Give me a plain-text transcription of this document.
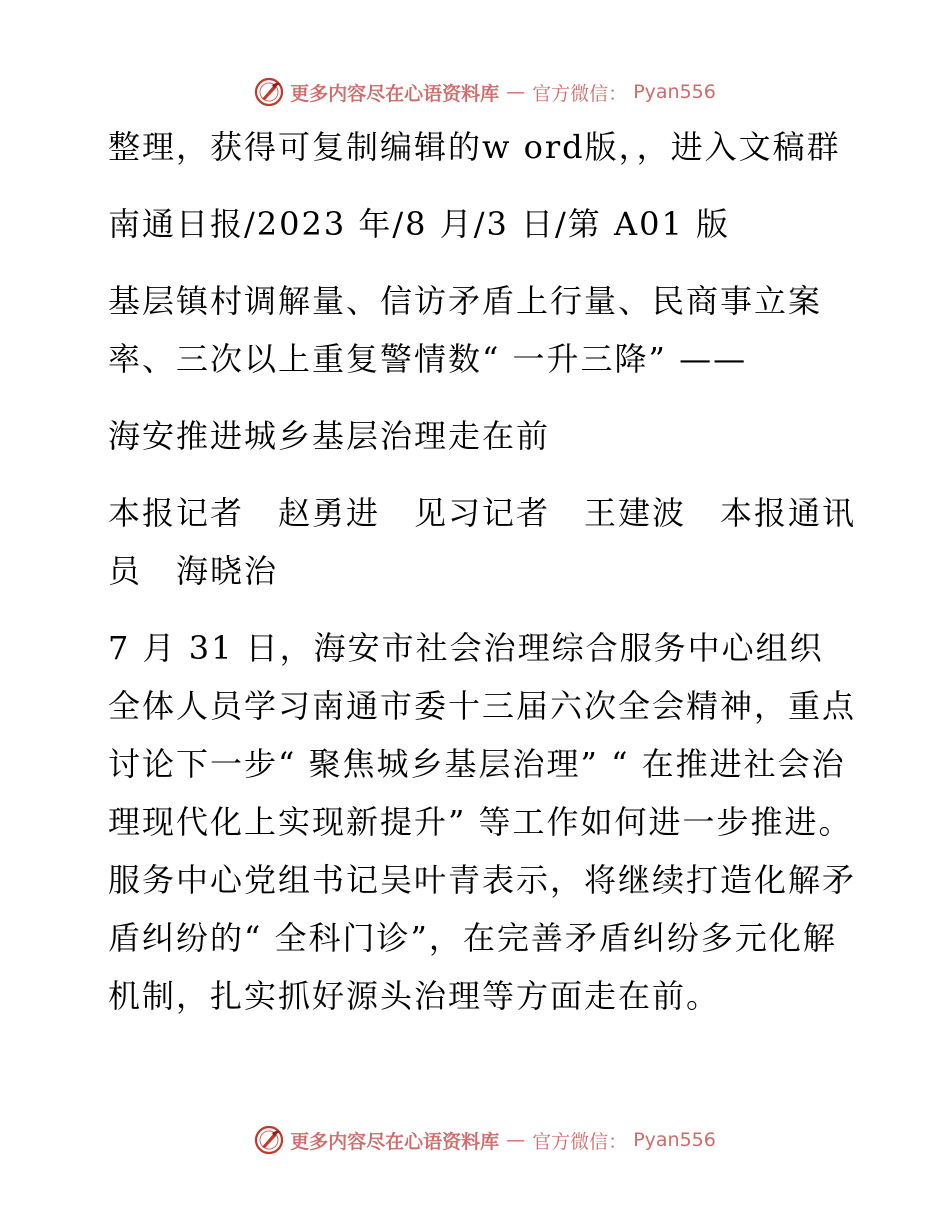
更多内容尽在心语资料库 — 官方微信： Pyan556

整理，获得可复制编辑的w ord版，，进入文稿群

南通日报/2023 年/8 月/3 日/第 A01 版

基层镇村调解量、信访矛盾上行量、民商事立案率、三次以上重复警情数“ 一升三降” ——

海安推进城乡基层治理走在前

本报记者　赵勇进　见习记者　王建波　本报通讯员　海晓治

7 月 31 日，海安市社会治理综合服务中心组织全体人员学习南通市委十三届六次全会精神，重点讨论下一步“ 聚焦城乡基层治理” “ 在推进社会治理现代化上实现新提升” 等工作如何进一步推进。服务中心党组书记吴叶青表示，将继续打造化解矛盾纠纷的“ 全科门诊”，在完善矛盾纠纷多元化解机制，扎实抓好源头治理等方面走在前。

更多内容尽在心语资料库 — 官方微信： Pyan556
